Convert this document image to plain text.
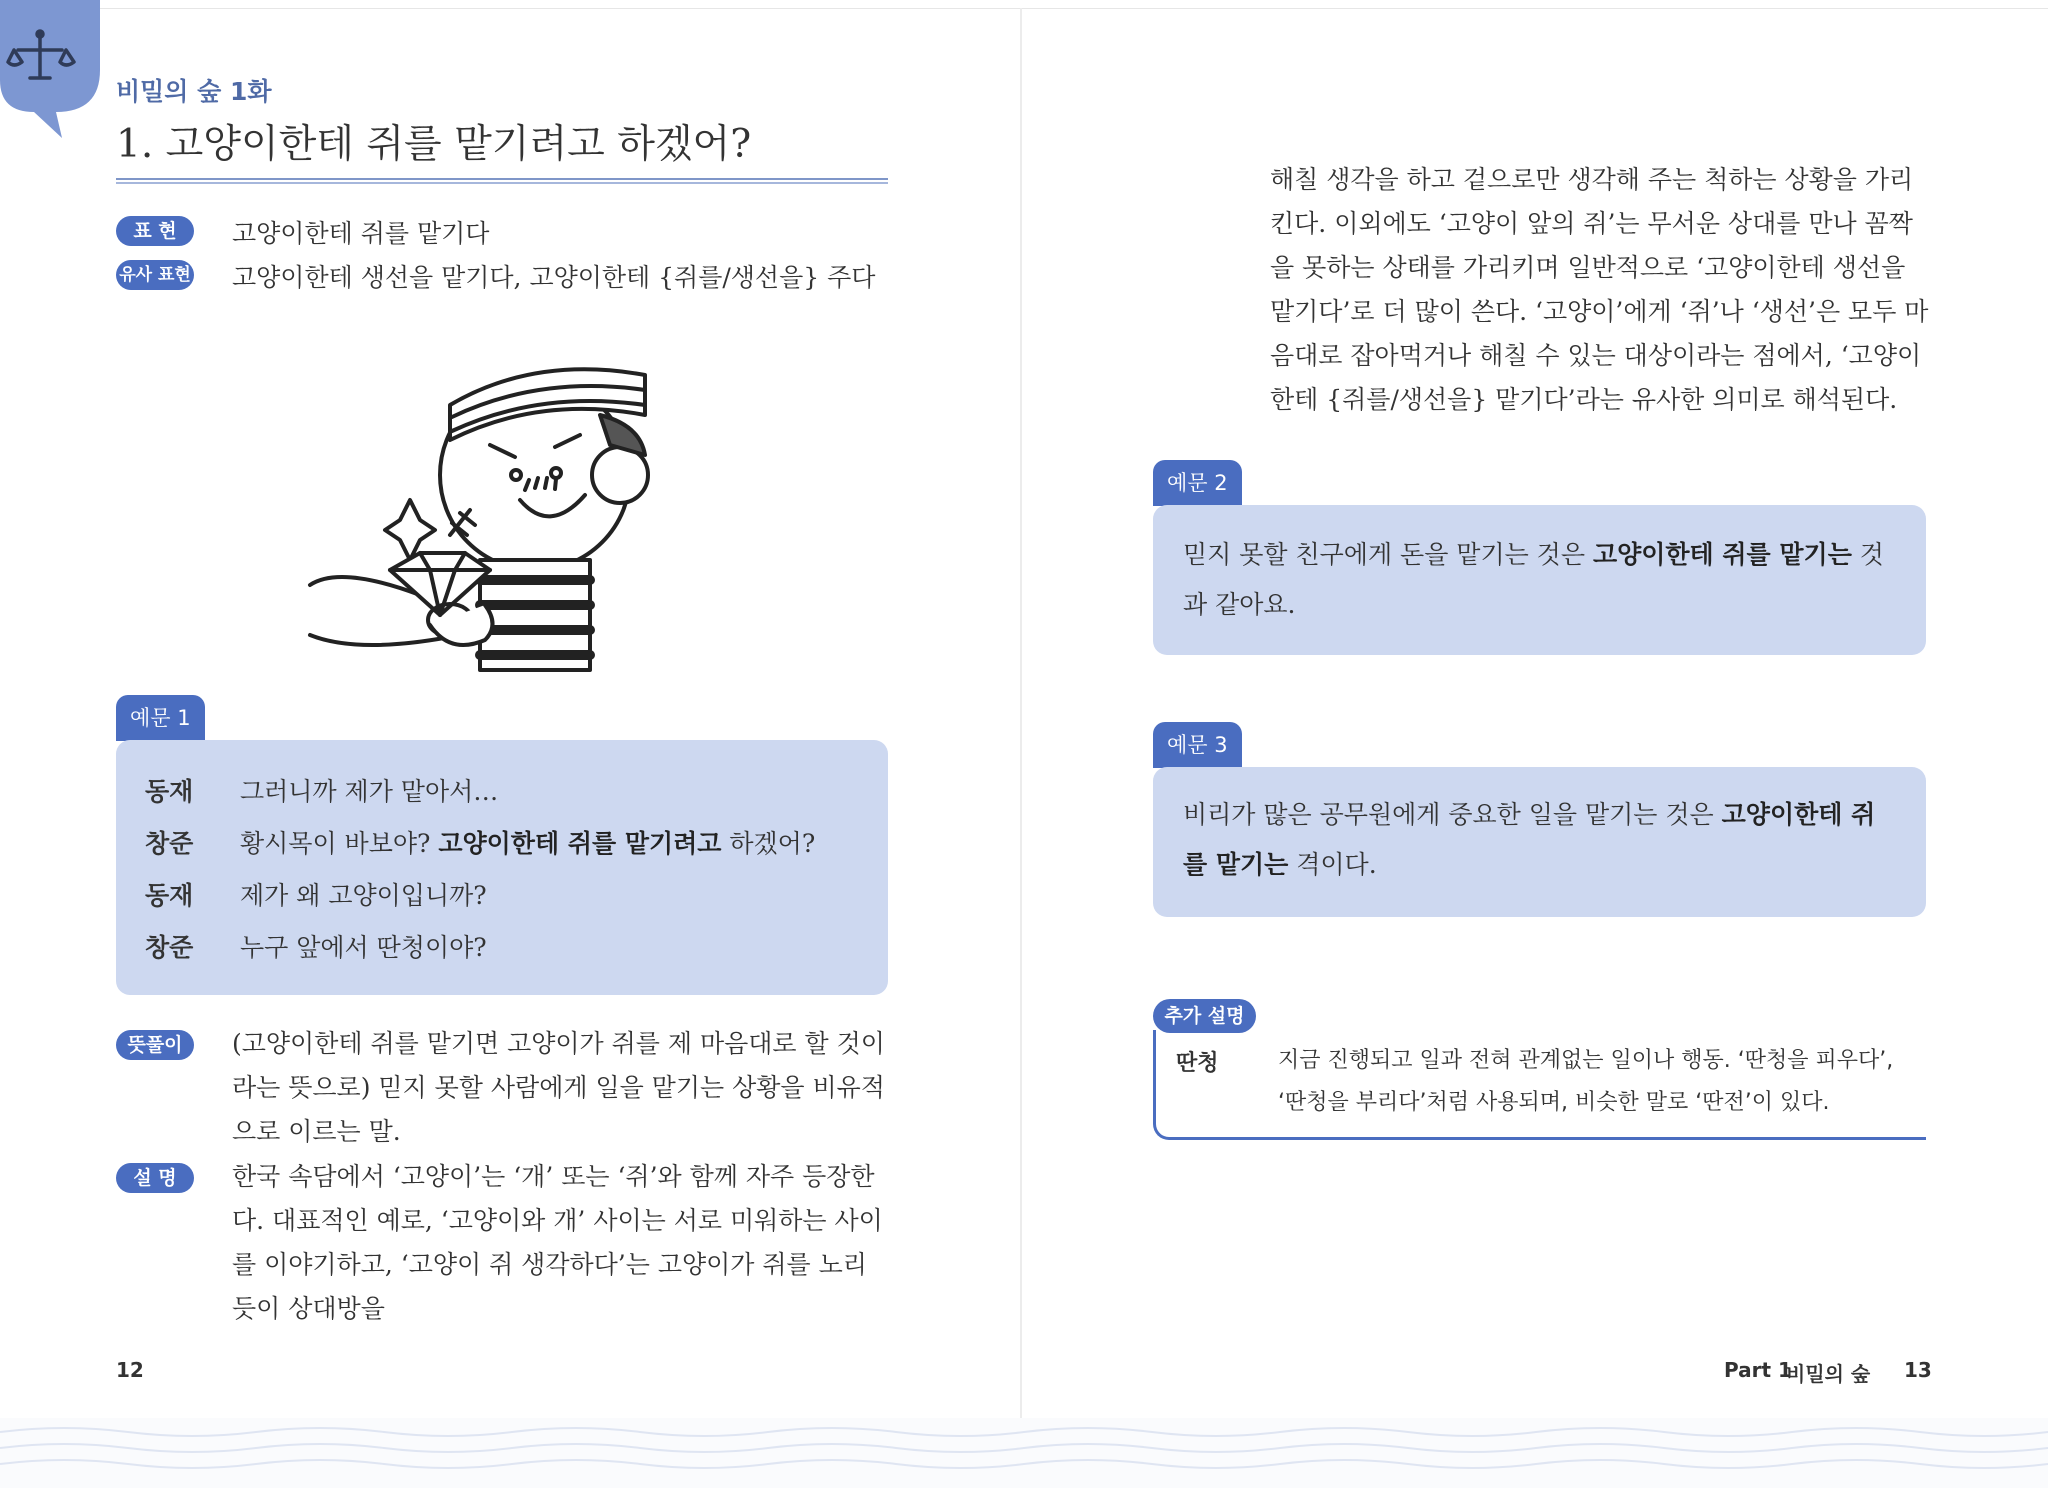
비밀의 숲 1화
1. 고양이한테 쥐를 맡기려고 하겠어?
표 현	고양이한테 쥐를 맡기다
유사 표현 고양이한테 생선을 맡기다, 고양이한테 {쥐를/생선을} 주다
예문 1
동재 그러니까 제가 맡아서…
창준 황시목이 바보야? 고양이한테 쥐를 맡기려고 하겠어?
동재 제가 왜 고양이입니까?
창준 누구 앞에서 딴청이야?
뜻풀이	(고양이한테 쥐를 맡기면 고양이가 쥐를 제 마음대로 할 것이라는 뜻으로) 믿지 못할 사람에게 일을 맡기는 상황을 비유적으로 이르는 말.
설 명	한국 속담에서 ‘고양이’는 ‘개’ 또는 ‘쥐’와 함께 자주 등장한다. 대표적인 예로, ‘고양이와 개’ 사이는 서로 미워하는 사이를 이야기하고, ‘고양이 쥐 생각하다’는 고양이가 쥐를 노리듯이 상대방을
12
해칠 생각을 하고 겉으로만 생각해 주는 척하는 상황을 가리킨다. 이외에도 ‘고양이 앞의 쥐’는 무서운 상대를 만나 꼼짝을 못하는 상태를 가리키며 일반적으로 ‘고양이한테 생선을 맡기다’로 더 많이 쓴다. ‘고양이’에게 ‘쥐’나 ‘생선’은 모두 마음대로 잡아먹거나 해칠 수 있는 대상이라는 점에서, ‘고양이한테 {쥐를/생선을} 맡기다’라는 유사한 의미로 해석된다.
예문 2
믿지 못할 친구에게 돈을 맡기는 것은 고양이한테 쥐를 맡기는 것과 같아요.
예문 3
비리가 많은 공무원에게 중요한 일을 맡기는 것은 고양이한테 쥐를 맡기는 격이다.
추가 설명
딴청	지금 진행되고 일과 전혀 관계없는 일이나 행동. ‘딴청을 피우다’, ‘딴청을 부리다’처럼 사용되며, 비슷한 말로 ‘딴전’이 있다.
Part 1
비밀의 숲 13
